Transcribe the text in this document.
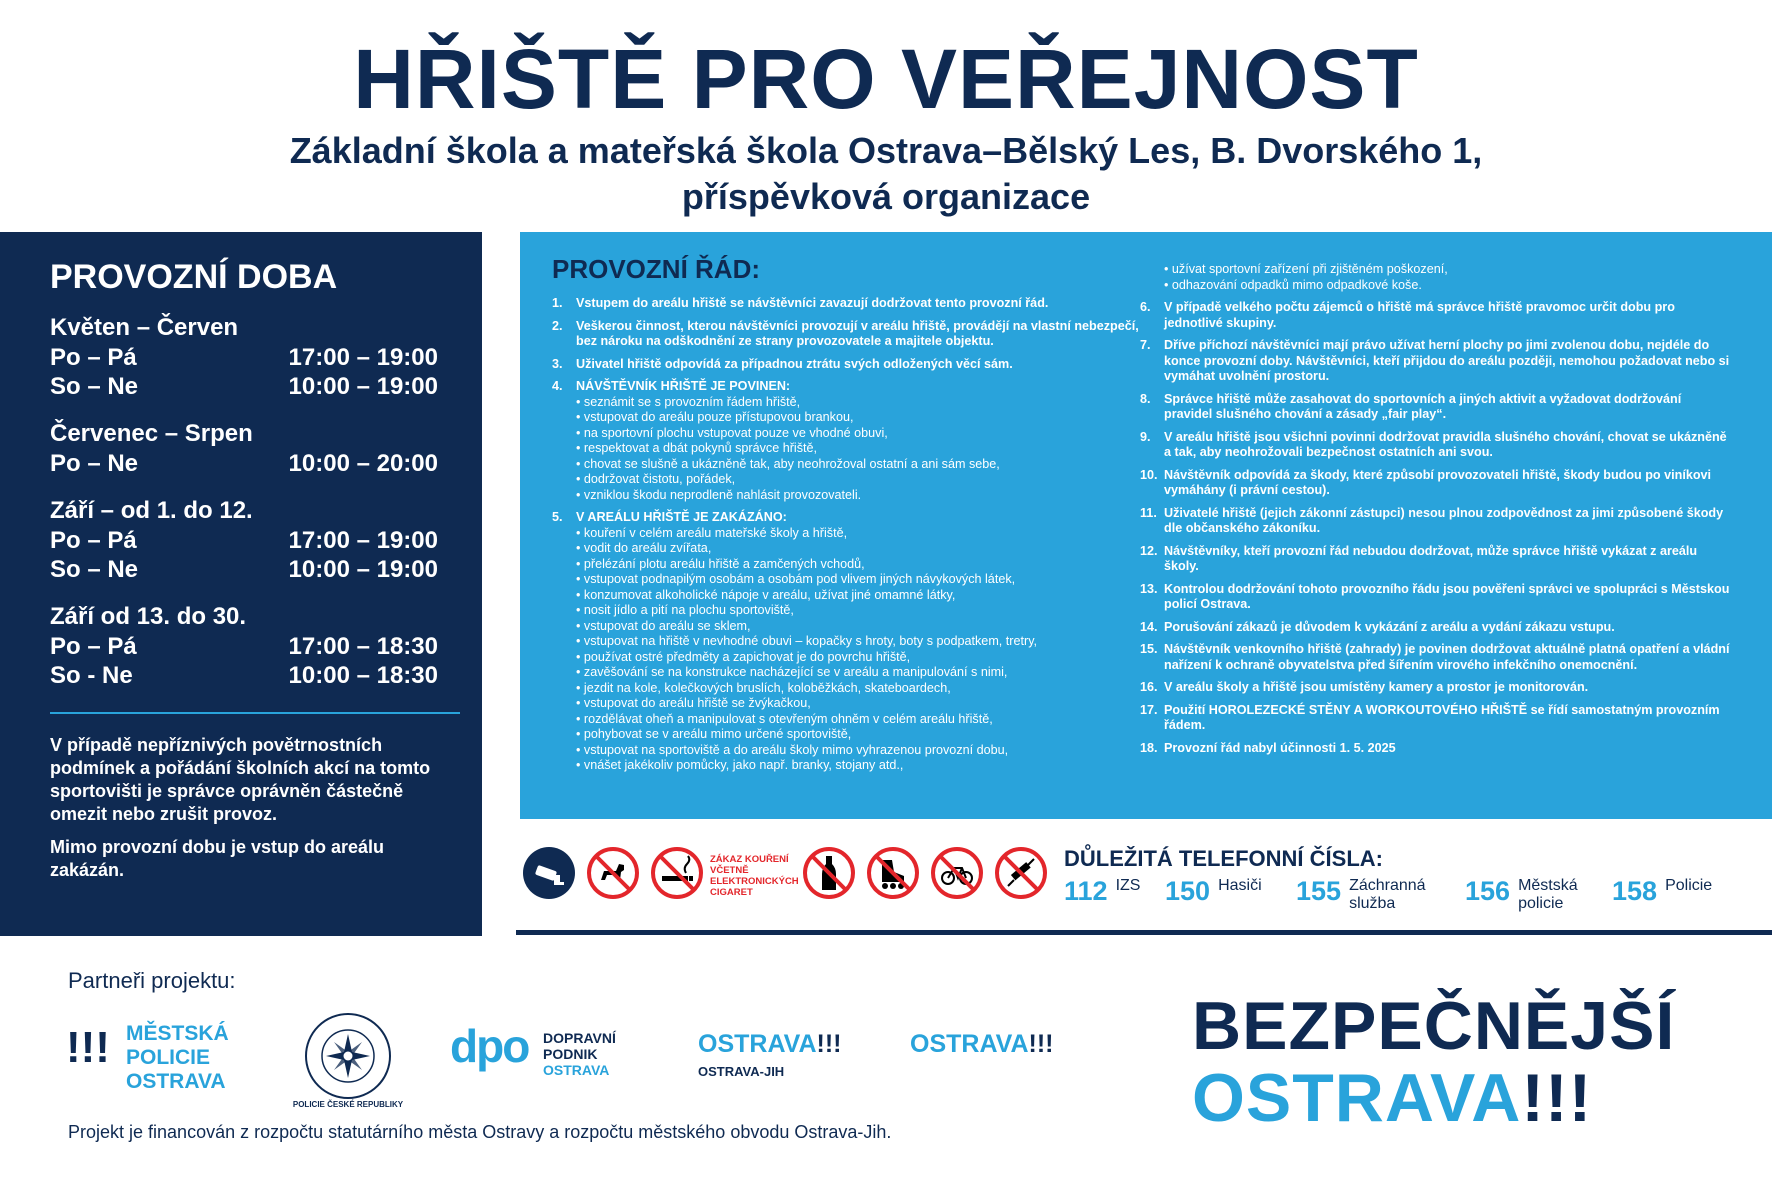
HŘIŠTĚ PRO VEŘEJNOST
Základní škola a mateřská škola Ostrava–Bělský Les, B. Dvorského 1,
příspěvková organizace
PROVOZNÍ DOBA
Květen – Červen
Po – Pá	17:00 – 19:00
So – Ne	10:00 – 19:00
Červenec – Srpen
Po – Ne	10:00 – 20:00
Září – od 1. do 12.
Po – Pá	17:00 – 19:00
So – Ne	10:00 – 19:00
Září od 13. do 30.
Po – Pá	17:00 – 18:30
So - Ne	10:00 – 18:30
V případě nepříznivých povětrnostních podmínek a pořádání školních akcí na tomto sportovišti je správce oprávněn částečně omezit nebo zrušit provoz.
Mimo provozní dobu je vstup do areálu zakázán.
PROVOZNÍ ŘÁD:
1.	Vstupem do areálu hřiště se návštěvníci zavazují dodržovat tento provozní řád.
2.	Veškerou činnost, kterou návštěvníci provozují v areálu hřiště, provádějí na vlastní nebezpečí, bez nároku na odškodnění ze strany provozovatele a majitele objektu.
3.	Uživatel hřiště odpovídá za případnou ztrátu svých odložených věcí sám.
4.	NÁVŠTĚVNÍK HŘIŠTĚ JE POVINEN:
• seznámit se s provozním řádem hřiště,
• vstupovat do areálu pouze přístupovou brankou,
• na sportovní plochu vstupovat pouze ve vhodné obuvi,
• respektovat a dbát pokynů správce hřiště,
• chovat se slušně a ukázněně tak, aby neohrožoval ostatní a ani sám sebe,
• dodržovat čistotu, pořádek,
• vzniklou škodu neprodleně nahlásit provozovateli.
5.	V AREÁLU HŘIŠTĚ JE ZAKÁZÁNO:
• kouření v celém areálu mateřské školy a hřiště,
• vodit do areálu zvířata,
• přelézání plotu areálu hřiště a zamčených vchodů,
• vstupovat podnapilým osobám a osobám pod vlivem jiných návykových látek,
• konzumovat alkoholické nápoje v areálu, užívat jiné omamné látky,
• nosit jídlo a pití na plochu sportoviště,
• vstupovat do areálu se sklem,
• vstupovat na hřiště v nevhodné obuvi – kopačky s hroty, boty s podpatkem, tretry,
• používat ostré předměty a zapichovat je do povrchu hřiště,
• zavěšování se na konstrukce nacházející se v areálu a manipulování s nimi,
• jezdit na kole, kolečkových bruslích, koloběžkách, skateboardech,
• vstupovat do areálu hřiště se žvýkačkou,
• rozdělávat oheň a manipulovat s otevřeným ohněm v celém areálu hřiště,
• pohybovat se v areálu mimo určené sportoviště,
• vstupovat na sportoviště a do areálu školy mimo vyhrazenou provozní dobu,
• vnášet jakékoliv pomůcky, jako např. branky, stojany atd.,
• užívat sportovní zařízení při zjištěném poškození,
• odhazování odpadků mimo odpadkové koše.
6.	V případě velkého počtu zájemců o hřiště má správce hřiště pravomoc určit dobu pro jednotlivé skupiny.
7.	Dříve příchozí návštěvníci mají právo užívat herní plochy po jimi zvolenou dobu, nejdéle do konce provozní doby. Návštěvníci, kteří přijdou do areálu později, nemohou požadovat nebo si vymáhat uvolnění prostoru.
8.	Správce hřiště může zasahovat do sportovních a jiných aktivit a vyžadovat dodržování pravidel slušného chování a zásady „fair play“.
9.	V areálu hřiště jsou všichni povinni dodržovat pravidla slušného chování, chovat se ukázněně a tak, aby neohrožovali bezpečnost ostatních ani svou.
10. Návštěvník odpovídá za škody, které způsobí provozovateli hřiště, škody budou po viníkovi vymáhány (i právní cestou).
11. Uživatelé hřiště (jejich zákonní zástupci) nesou plnou zodpovědnost za jimi způsobené škody dle občanského zákoníku.
12. Návštěvníky, kteří provozní řád nebudou dodržovat, může správce hřiště vykázat z areálu školy.
13. Kontrolou dodržování tohoto provozního řádu jsou pověřeni správci ve spolupráci s Městskou policí Ostrava.
14. Porušování zákazů je důvodem k vykázání z areálu a vydání zákazu vstupu.
15. Návštěvník venkovního hřiště (zahrady) je povinen dodržovat aktuálně platná opatření a vládní nařízení k ochraně obyvatelstva před šířením virového infekčního onemocnění.
16. V areálu školy a hřiště jsou umístěny kamery a prostor je monitorován.
17. Použití HOROLEZECKÉ STĚNY A WORKOUTOVÉHO HŘIŠTĚ se řídí samostatným provozním řádem.
18. Provozní řád nabyl účinnosti 1. 5. 2025
ZÁKAZ KOUŘENÍ VČETNĚ ELEKTRONICKÝCH CIGARET
DŮLEŽITÁ TELEFONNÍ ČÍSLA:
112 IZS 150 Hasiči 155 Záchranná
služba	156 Městská
policie	158 Policie
Partneři projektu:
!!! MĚSTSKÁ
POLICIE
OSTRAVA
POLICIE ČESKÉ REPUBLIKY
dpo DOPRAVNÍ
PODNIK
OSTRAVA
OSTRAVA!!!
OSTRAVA-JIH
OSTRAVA!!!
Projekt je financován z rozpočtu statutárního města Ostravy a rozpočtu městského obvodu Ostrava-Jih.
BEZPEČNĚJŠÍ
OSTRAVA!!!
